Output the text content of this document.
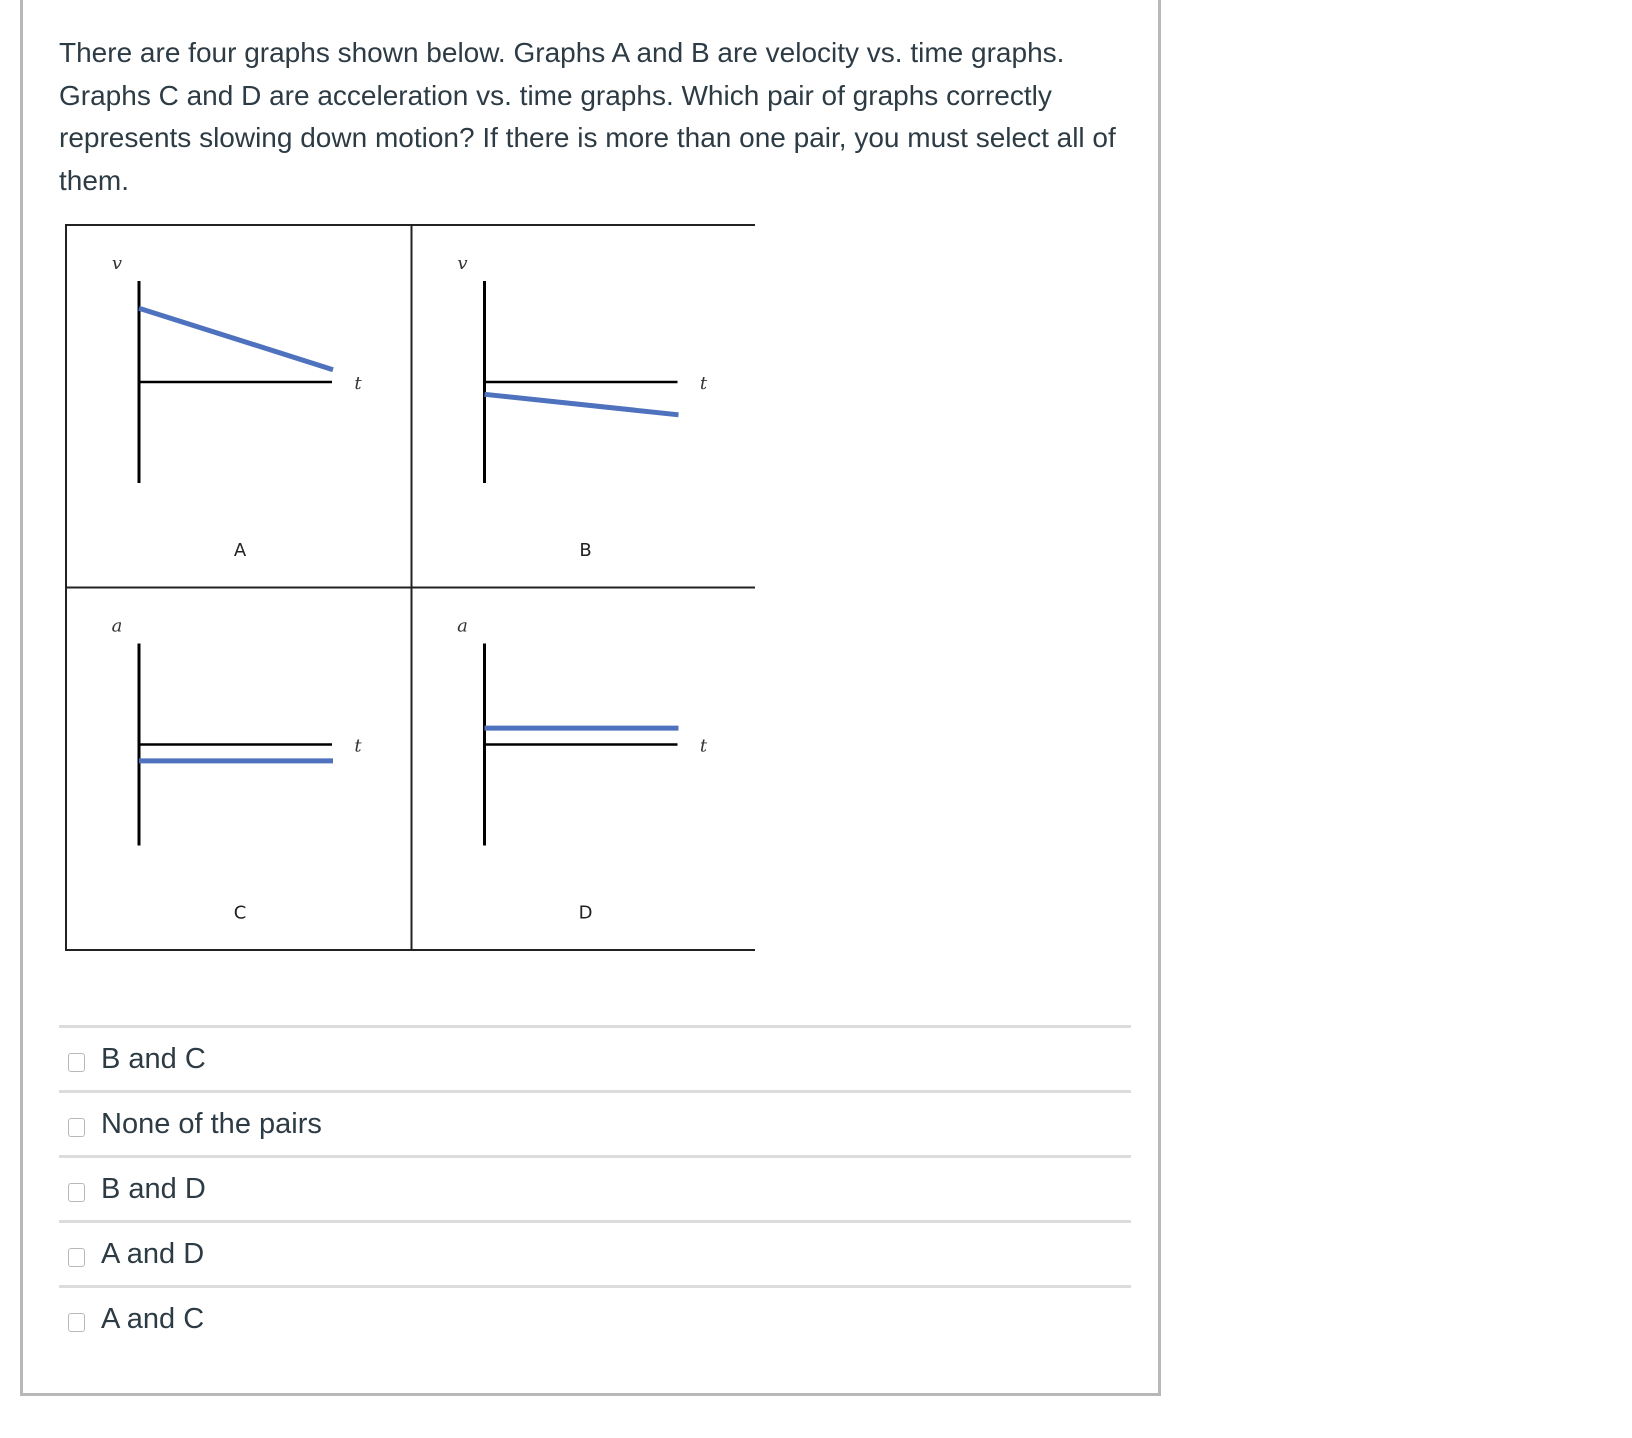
There are four graphs shown below. Graphs A and B are velocity vs. time graphs. Graphs C and D are acceleration vs. time graphs. Which pair of graphs correctly represents slowing down motion? If there is more than one pair, you must select all of them.

v
t
A
v
t
B
a
t
C
a
t
D
B and C
None of the pairs
B and D
A and D
A and C
